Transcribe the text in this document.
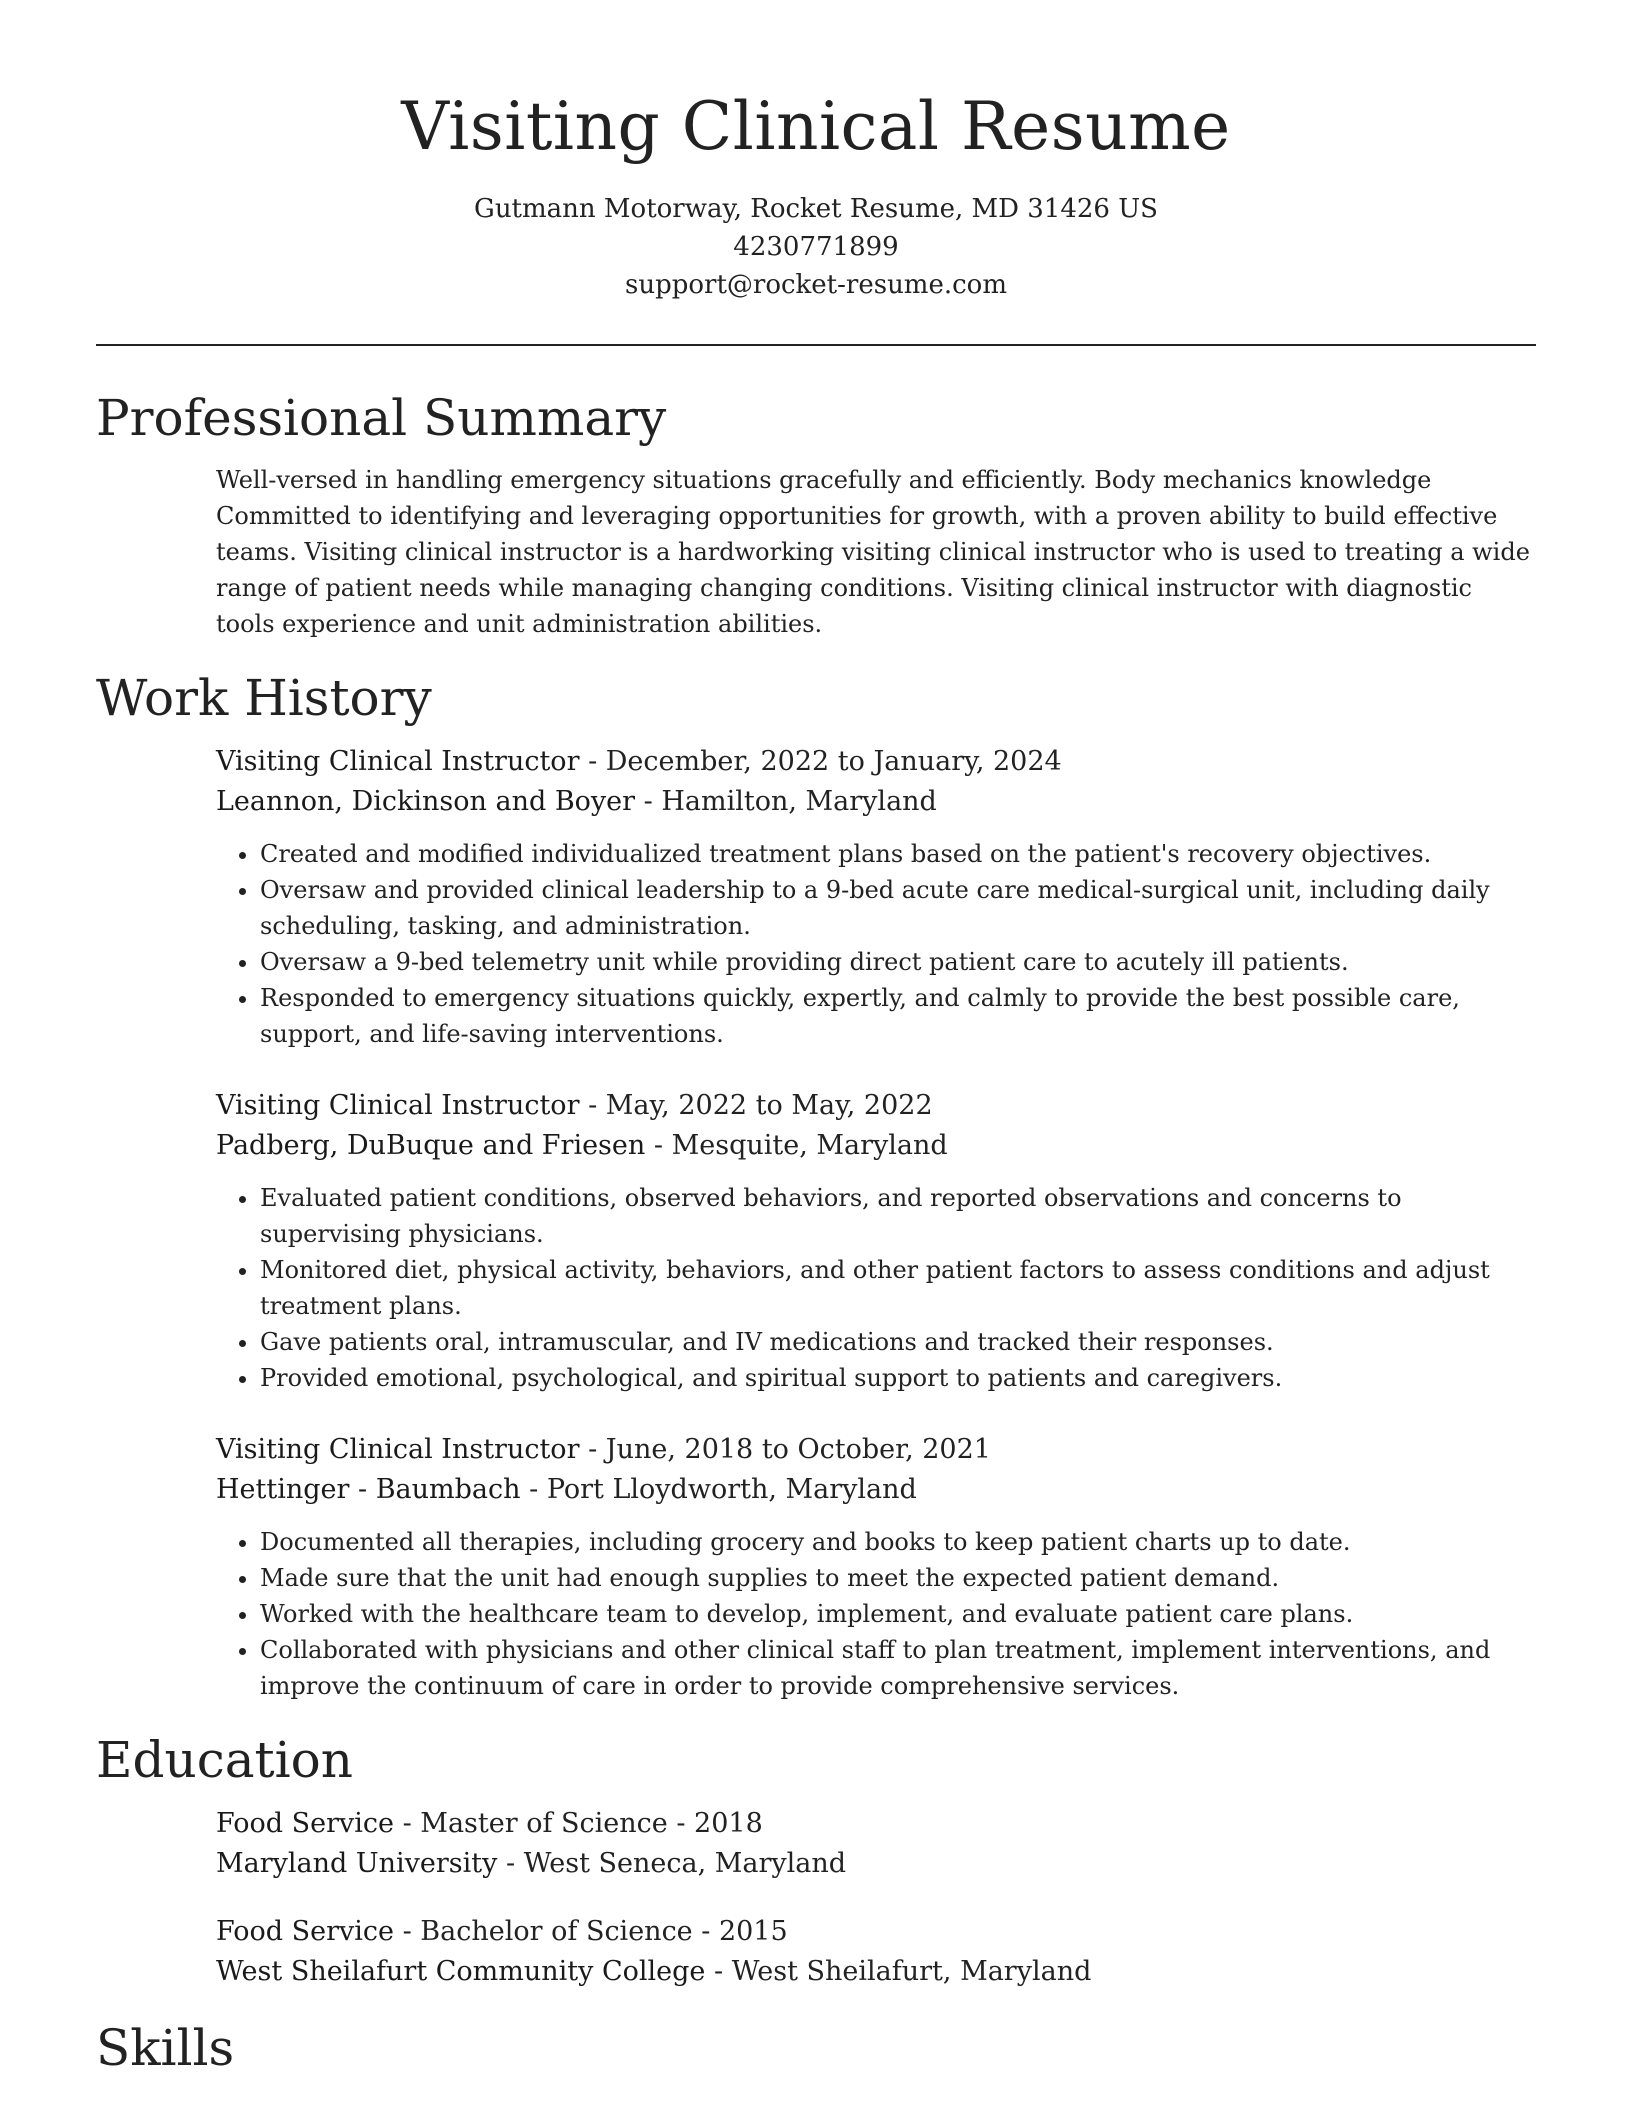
Visiting Clinical Resume

Gutmann Motorway, Rocket Resume, MD 31426 US

4230771899

support@rocket-resume.com

Professional Summary

Well-versed in handling emergency situations gracefully and efficiently. Body mechanics knowledge Committed to identifying and leveraging opportunities for growth, with a proven ability to build effective teams. Visiting clinical instructor is a hardworking visiting clinical instructor who is used to treating a wide range of patient needs while managing changing conditions. Visiting clinical instructor with diagnostic tools experience and unit administration abilities.

Work History

Visiting Clinical Instructor - December, 2022 to January, 2024

Leannon, Dickinson and Boyer - Hamilton, Maryland

• Created and modified individualized treatment plans based on the patient's recovery objectives.
• Oversaw and provided clinical leadership to a 9-bed acute care medical-surgical unit, including daily scheduling, tasking, and administration.
• Oversaw a 9-bed telemetry unit while providing direct patient care to acutely ill patients.
• Responded to emergency situations quickly, expertly, and calmly to provide the best possible care, support, and life-saving interventions.

Visiting Clinical Instructor - May, 2022 to May, 2022

Padberg, DuBuque and Friesen - Mesquite, Maryland

• Evaluated patient conditions, observed behaviors, and reported observations and concerns to supervising physicians.
• Monitored diet, physical activity, behaviors, and other patient factors to assess conditions and adjust treatment plans.
• Gave patients oral, intramuscular, and IV medications and tracked their responses.
• Provided emotional, psychological, and spiritual support to patients and caregivers.

Visiting Clinical Instructor - June, 2018 to October, 2021

Hettinger - Baumbach - Port Lloydworth, Maryland

• Documented all therapies, including grocery and books to keep patient charts up to date.
• Made sure that the unit had enough supplies to meet the expected patient demand.
• Worked with the healthcare team to develop, implement, and evaluate patient care plans.
• Collaborated with physicians and other clinical staff to plan treatment, implement interventions, and improve the continuum of care in order to provide comprehensive services.
Education

Food Service - Master of Science - 2018

Maryland University - West Seneca, Maryland

Food Service - Bachelor of Science - 2015

West Sheilafurt Community College - West Sheilafurt, Maryland

Skills
